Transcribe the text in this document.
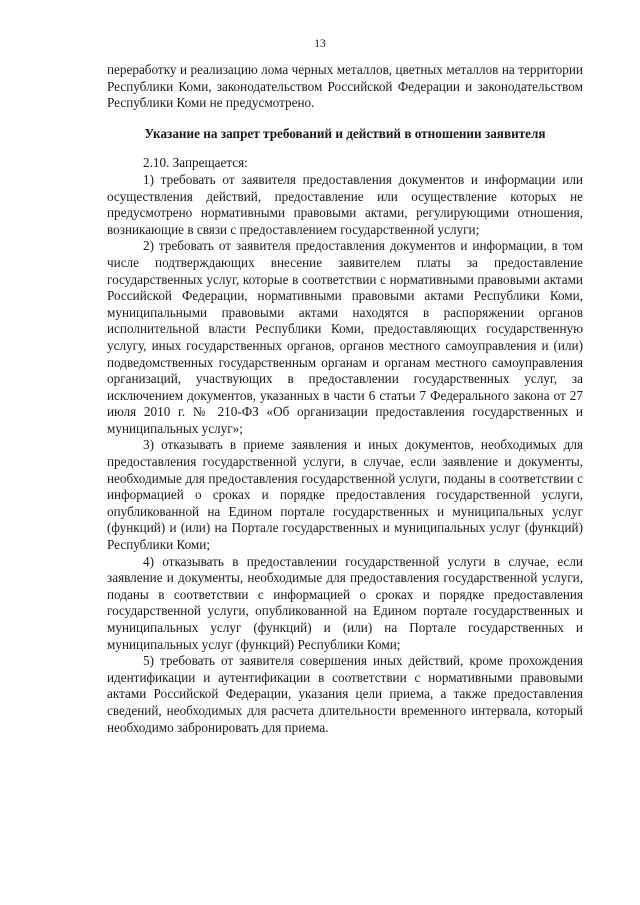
13

переработку и реализацию лома черных металлов, цветных металлов на территории Республики Коми, законодательством Российской Федерации и законодательством Республики Коми не предусмотрено.

Указание на запрет требований и действий в отношении заявителя

2.10. Запрещается:

1) требовать от заявителя предоставления документов и информации или осуществления действий, предоставление или осуществление которых не предусмотрено нормативными правовыми актами, регулирующими отношения, возникающие в связи с предоставлением государственной услуги;

2) требовать от заявителя предоставления документов и информации, в том числе подтверждающих внесение заявителем платы за предоставление государственных услуг, которые в соответствии с нормативными правовыми актами Российской Федерации, нормативными правовыми актами Республики Коми, муниципальными правовыми актами находятся в распоряжении органов исполнительной власти Республики Коми, предоставляющих государственную услугу, иных государственных органов, органов местного самоуправления и (или) подведомственных государственным органам и органам местного самоуправления организаций, участвующих в предоставлении государственных услуг, за исключением документов, указанных в части 6 статьи 7 Федерального закона от 27 июля 2010 г. № 210-ФЗ «Об организации предоставления государственных и муниципальных услуг»;

3) отказывать в приеме заявления и иных документов, необходимых для предоставления государственной услуги, в случае, если заявление и документы, необходимые для предоставления государственной услуги, поданы в соответствии с информацией о сроках и порядке предоставления государственной услуги, опубликованной на Едином портале государственных и муниципальных услуг (функций) и (или) на Портале государственных и муниципальных услуг (функций) Республики Коми;

4) отказывать в предоставлении государственной услуги в случае, если заявление и документы, необходимые для предоставления государственной услуги, поданы в соответствии с информацией о сроках и порядке предоставления государственной услуги, опубликованной на Едином портале государственных и муниципальных услуг (функций) и (или) на Портале государственных и муниципальных услуг (функций) Республики Коми;

5) требовать от заявителя совершения иных действий, кроме прохождения идентификации и аутентификации в соответствии с нормативными правовыми актами Российской Федерации, указания цели приема, а также предоставления сведений, необходимых для расчета длительности временного интервала, который необходимо забронировать для приема.
